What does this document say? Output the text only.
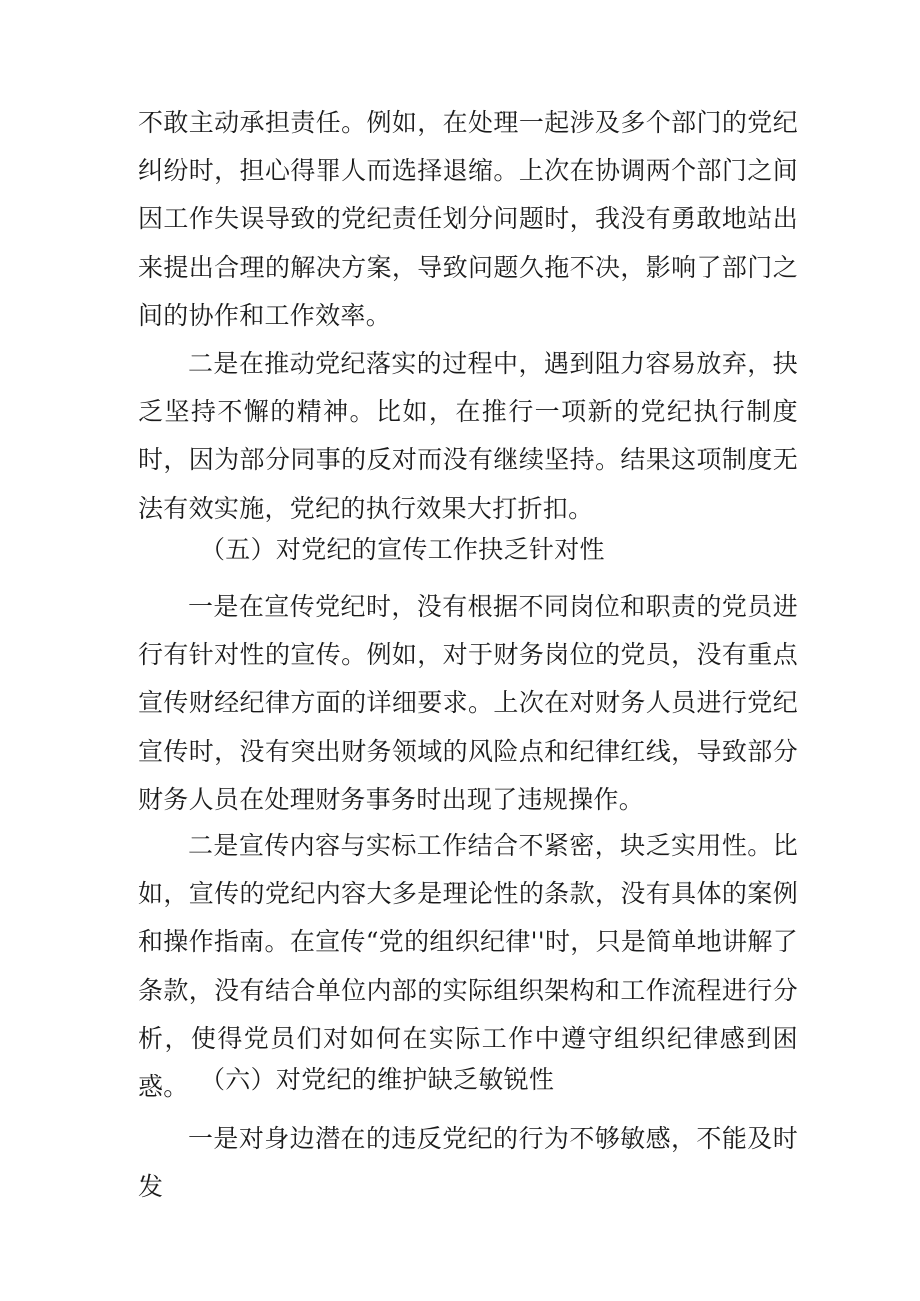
不敢主动承担责任。例如，在处理一起涉及多个部门的党纪纠纷时，担心得罪人而选择退缩。上次在协调两个部门之间因工作失误导致的党纪责任划分问题时，我没有勇敢地站出来提出合理的解决方案，导致问题久拖不决，影响了部门之间的协作和工作效率。

二是在推动党纪落实的过程中，遇到阻力容易放弃，抉乏坚持不懈的精神。比如，在推行一项新的党纪执行制度时，因为部分同事的反对而没有继续坚持。结果这项制度无法有效实施，党纪的执行效果大打折扣。

（五）对党纪的宣传工作抉乏针对性

一是在宣传党纪时，没有根据不同岗位和职责的党员进行有针对性的宣传。例如，对于财务岗位的党员，没有重点宣传财经纪律方面的详细要求。上次在对财务人员进行党纪宣传时，没有突出财务领域的风险点和纪律红线，导致部分财务人员在处理财务事务时出现了违规操作。

二是宣传内容与实标工作结合不紧密，块乏实用性。比如，宣传的党纪内容大多是理论性的条款，没有具体的案例和操作指南。在宣传“党的组织纪律''时，只是简单地讲解了条款，没有结合单位内部的实际组织架构和工作流程进行分析，使得党员们对如何在实际工作中遵守组织纪律感到困惑。 （六）对党纪的维护缺乏敏锐性

一是对身边潜在的违反党纪的行为不够敏感，不能及时发
